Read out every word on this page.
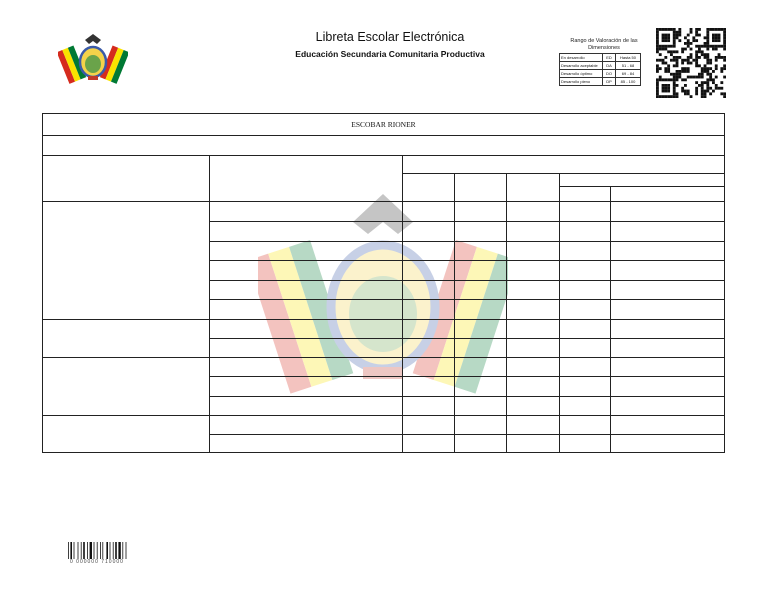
Libreta Escolar Electrónica
Educación Secundaria Comunitaria Productiva
Rango de Valoración de las Dimensiones
En desarrollo	ED	Hasta 50
Desarrollo aceptable	DA	51 - 68
Desarrollo óptimo	DO	69 - 84
Desarrollo pleno	DP	85 - 100
ESCOBAR RIONER
0 000000 710000
